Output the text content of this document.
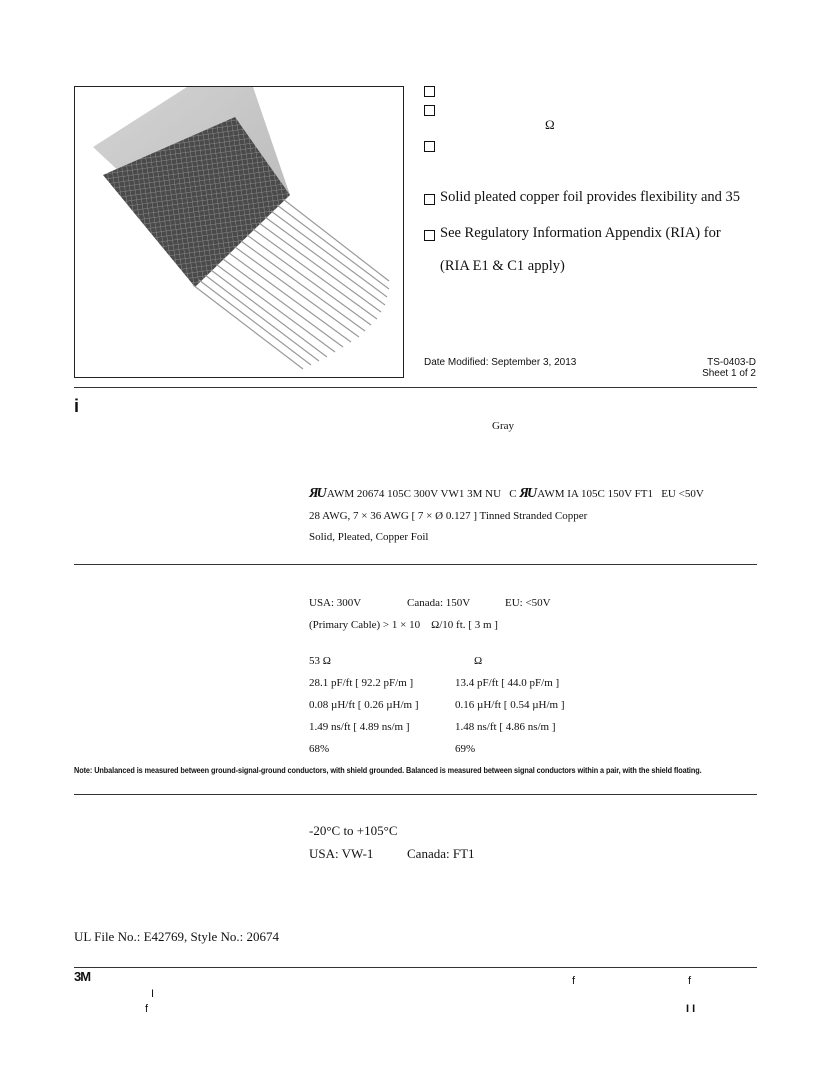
Ω
Solid pleated copper foil provides flexibility and 35
See Regulatory Information Appendix (RIA) for
(RIA E1 & C1 apply)
Date Modified: September 3, 2013	TS-0403-D
Sheet 1 of 2
i
Gray
ЯU AWM 20674 105C 300V VW1 3M NU C ЯU AWM IA 105C 150V FT1 EU <50V
28 AWG, 7 × 36 AWG [ 7 × Ø 0.127 ] Tinned Stranded Copper
Solid, Pleated, Copper Foil
USA: 300V	Canada: 150V	EU: <50V
(Primary Cable) > 1 × 10    Ω/10 ft. [ 3 m ]
53 Ω	Ω
28.1 pF/ft [ 92.2 pF/m ]	13.4 pF/ft [ 44.0 pF/m ]
0.08 µH/ft [ 0.26 µH/m ]	0.16 µH/ft [ 0.54 µH/m ]
1.49 ns/ft [ 4.89 ns/m ]	1.48 ns/ft [ 4.86 ns/m ]
68%	69%
Note: Unbalanced is measured between ground-signal-ground conductors, with shield grounded. Balanced is measured between signal conductors within a pair, with the shield floating.
-20°C to +105°C
USA: VW-1	Canada: FT1
UL File No.: E42769, Style No.: 20674
3M	f	f
I
f	I I
